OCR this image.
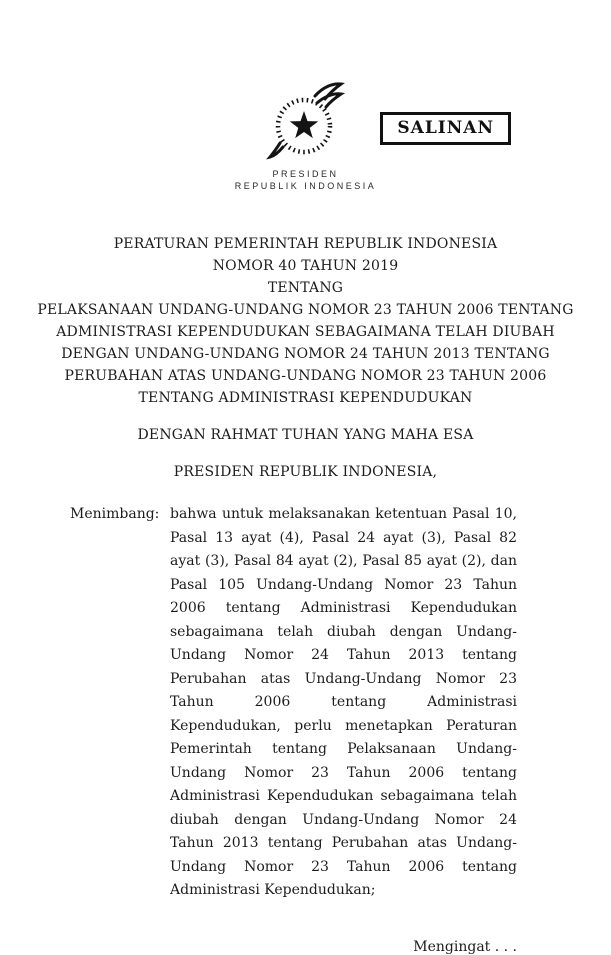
SALINAN
PRESIDEN
REPUBLIK INDONESIA
PERATURAN PEMERINTAH REPUBLIK INDONESIA
NOMOR 40 TAHUN 2019
TENTANG
PELAKSANAAN UNDANG-UNDANG NOMOR 23 TAHUN 2006 TENTANG
ADMINISTRASI KEPENDUDUKAN SEBAGAIMANA TELAH DIUBAH
DENGAN UNDANG-UNDANG NOMOR 24 TAHUN 2013 TENTANG
PERUBAHAN ATAS UNDANG-UNDANG NOMOR 23 TAHUN 2006
TENTANG ADMINISTRASI KEPENDUDUKAN
DENGAN RAHMAT TUHAN YANG MAHA ESA
PRESIDEN REPUBLIK INDONESIA,
Menimbang: bahwa untuk melaksanakan ketentuan Pasal 10, Pasal 13 ayat (4), Pasal 24 ayat (3), Pasal 82 ayat (3), Pasal 84 ayat (2), Pasal 85 ayat (2), dan Pasal 105 Undang-Undang Nomor 23 Tahun 2006 tentang Administrasi Kependudukan sebagaimana telah diubah dengan Undang-Undang Nomor 24 Tahun 2013 tentang Perubahan atas Undang-Undang Nomor 23 Tahun 2006 tentang Administrasi Kependudukan, perlu menetapkan Peraturan Pemerintah tentang Pelaksanaan Undang-Undang Nomor 23 Tahun 2006 tentang Administrasi Kependudukan sebagaimana telah diubah dengan Undang-Undang Nomor 24 Tahun 2013 tentang Perubahan atas Undang-Undang Nomor 23 Tahun 2006 tentang Administrasi Kependudukan;
Mengingat . . .
